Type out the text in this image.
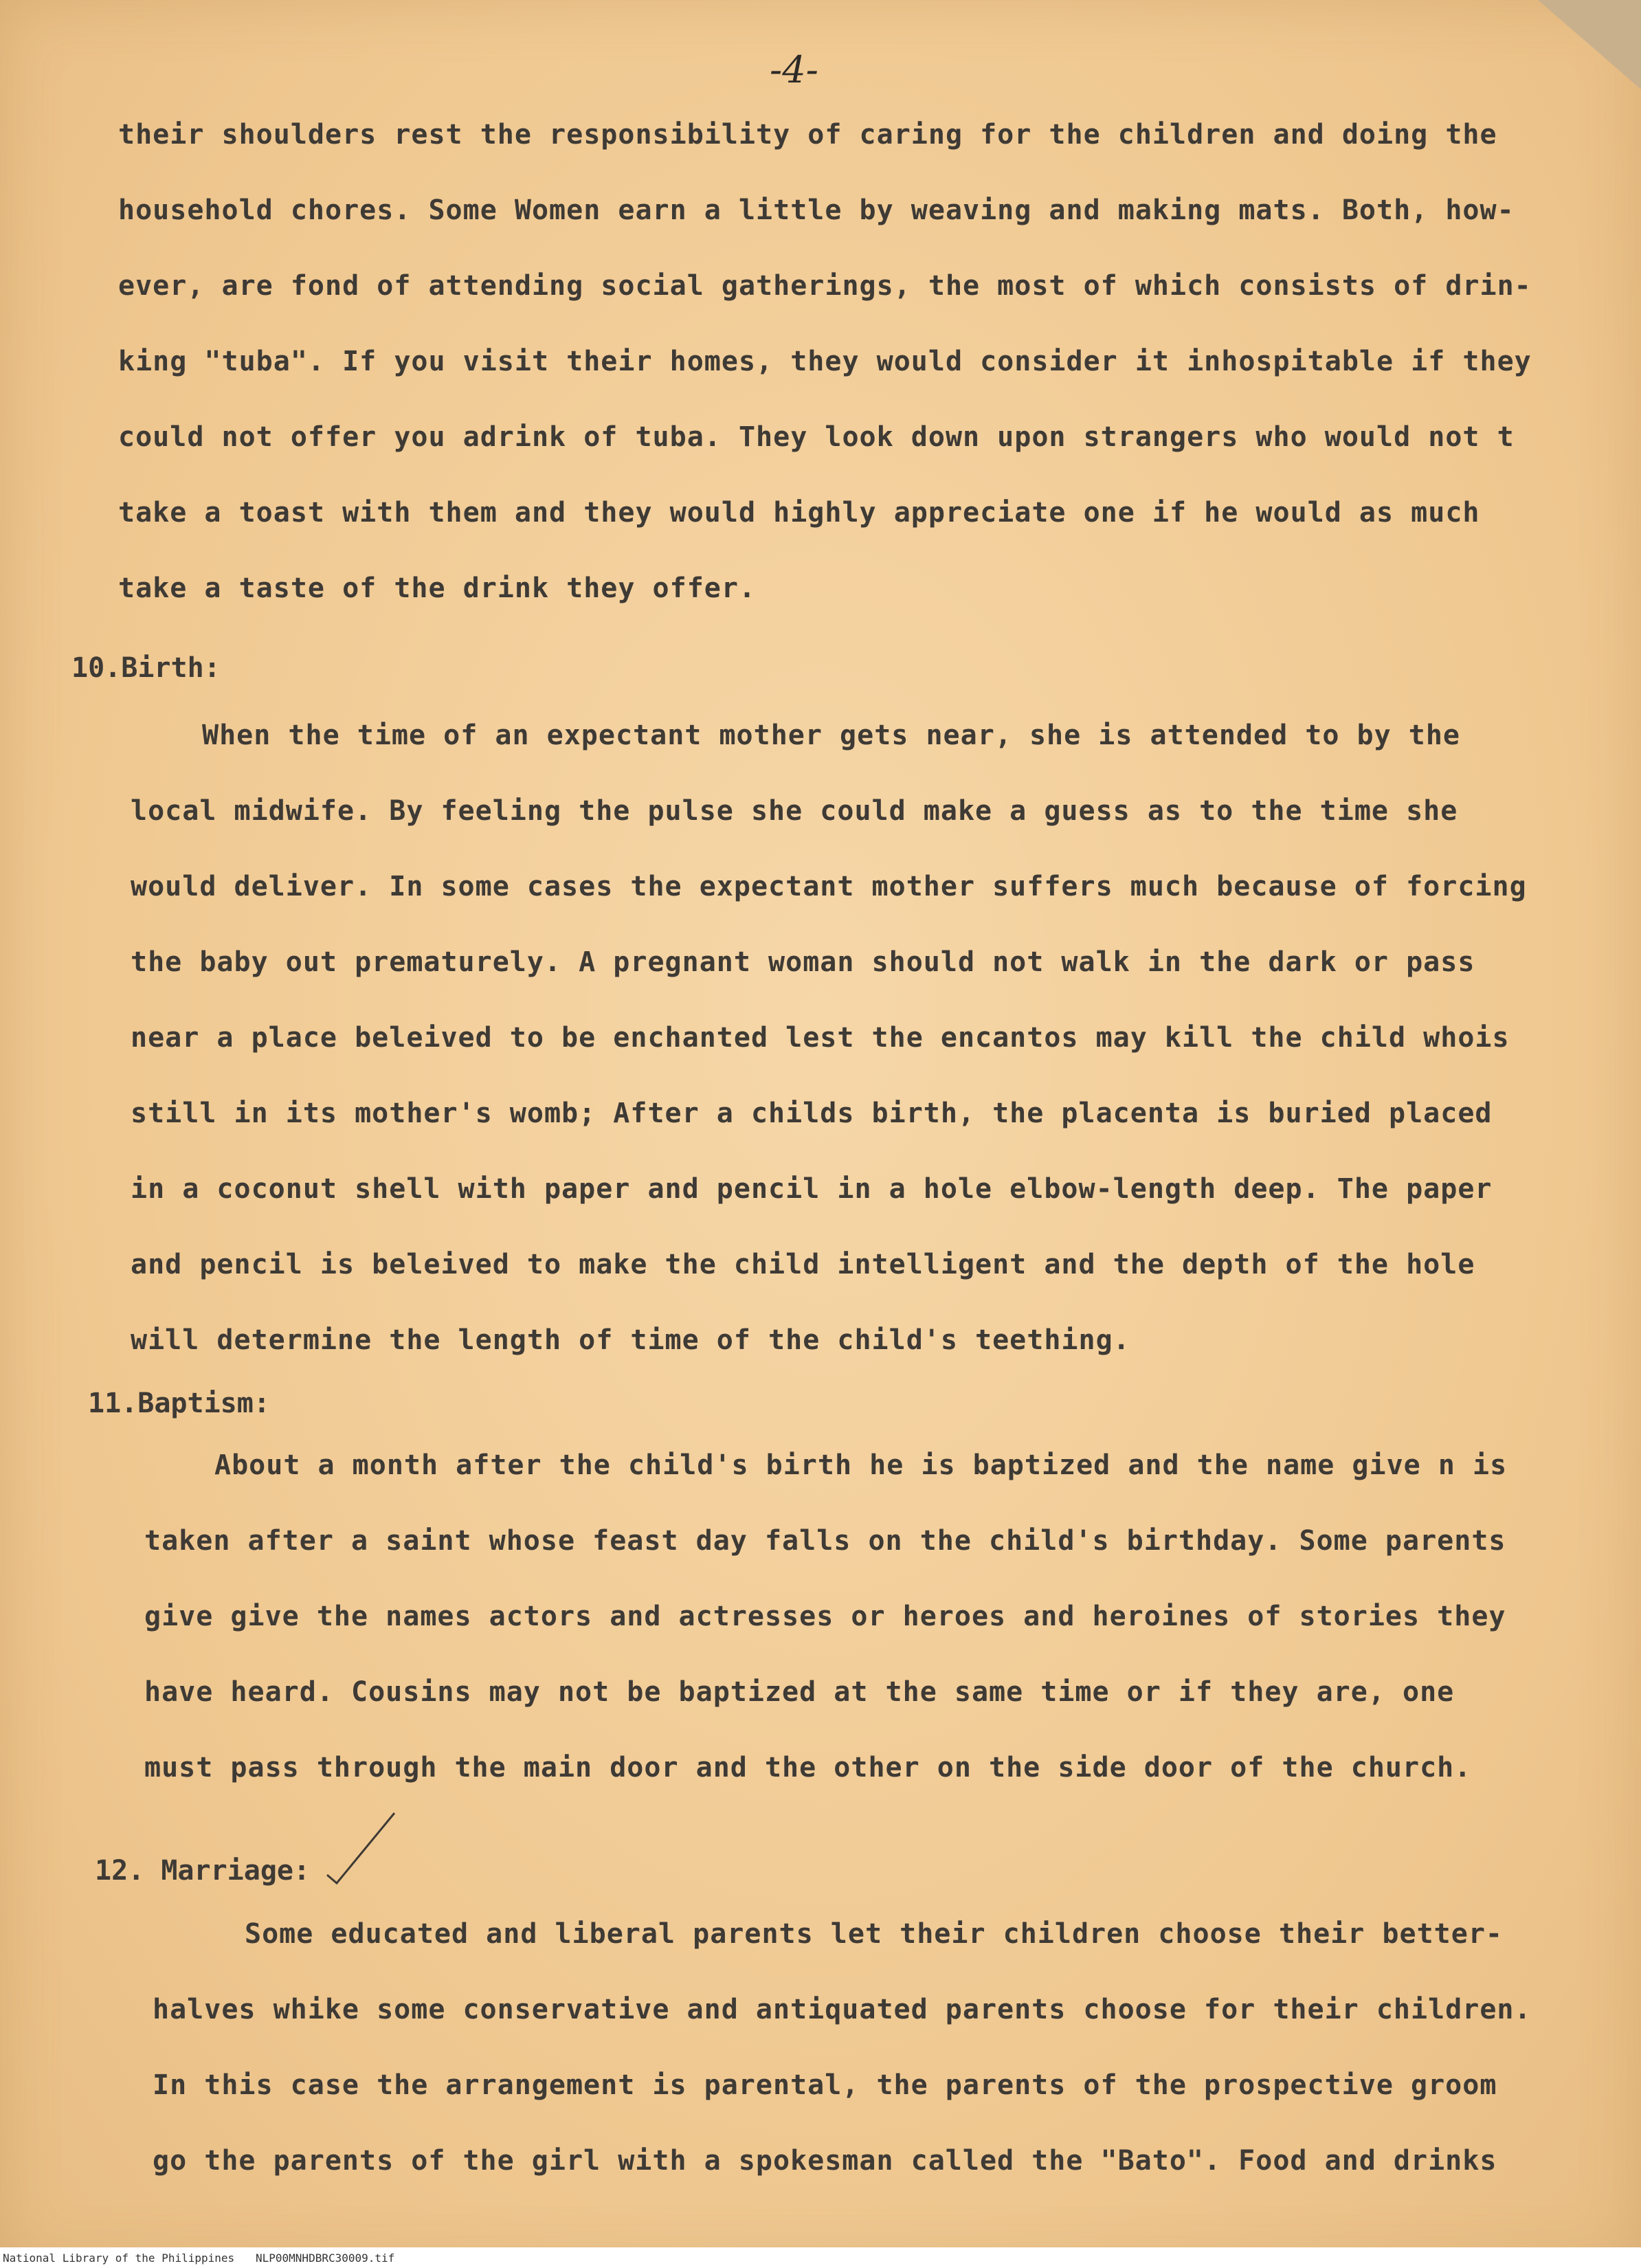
-4-
their shoulders rest the responsibility of caring for the children and doing the
household chores. Some Women earn a little by weaving and making mats. Both, how-
ever, are fond of attending social gatherings, the most of which consists of drin-
king "tuba". If you visit their homes, they would consider it inhospitable if they
could not offer you adrink of tuba. They look down upon strangers who would not t
take a toast with them and they would highly appreciate one if he would as much
take a taste of the drink they offer.
10.Birth:
When the time of an expectant mother gets near, she is attended to by the
local midwife. By feeling the pulse she could make a guess as to the time she
would deliver. In some cases the expectant mother suffers much because of forcing
the baby out prematurely. A pregnant woman should not walk in the dark or pass
near a place beleived to be enchanted lest the encantos may kill the child whois
still in its mother's womb; After a childs birth, the placenta is buried placed
in a coconut shell with paper and pencil in a hole elbow-length deep. The paper
and pencil is beleived to make the child intelligent and the depth of the hole
will determine the length of time of the child's teething.
11.Baptism:
About a month after the child's birth he is baptized and the name give n is
taken after a saint whose feast day falls on the child's birthday. Some parents
give give the names actors and actresses or heroes and heroines of stories they
have heard. Cousins may not be baptized at the same time or if they are, one
must pass through the main door and the other on the side door of the church.
12. Marriage:
Some educated and liberal parents let their children choose their better-
halves whike some conservative and antiquated parents choose for their children.
In this case the arrangement is parental, the parents of the prospective groom
go the parents of the girl with a spokesman called the "Bato". Food and drinks
National Library of the Philippines NLP00MNHDBRC30009.tif
